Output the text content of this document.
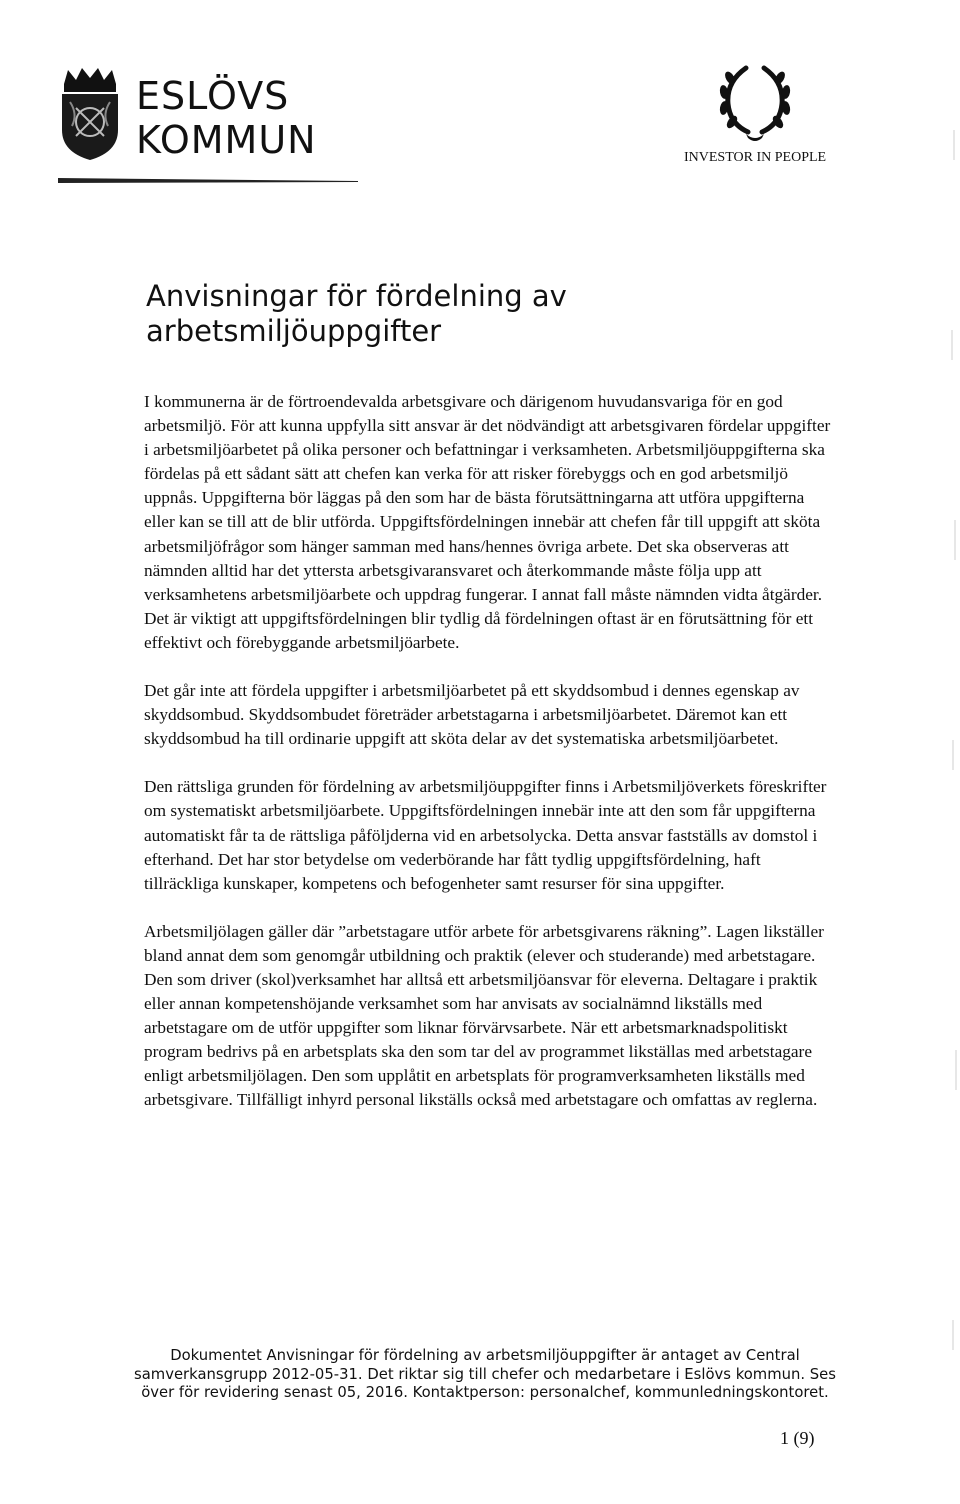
ESLÖVS
KOMMUN	INVESTOR IN PEOPLE
Anvisningar för fördelning av
arbetsmiljöuppgifter

I kommunerna är de förtroendevalda arbetsgivare och därigenom huvudansvariga för en god arbetsmiljö. För att kunna uppfylla sitt ansvar är det nödvändigt att arbetsgivaren fördelar uppgifter i arbetsmiljöarbetet på olika personer och befattningar i verksamheten. Arbetsmiljöuppgifterna ska fördelas på ett sådant sätt att chefen kan verka för att risker förebyggs och en god arbetsmiljö uppnås. Uppgifterna bör läggas på den som har de bästa förutsättningarna att utföra uppgifterna eller kan se till att de blir utförda. Uppgiftsfördelningen innebär att chefen får till uppgift att sköta arbetsmiljöfrågor som hänger samman med hans/hennes övriga arbete. Det ska observeras att nämnden alltid har det yttersta arbetsgivaransvaret och återkommande måste följa upp att verksamhetens arbetsmiljöarbete och uppdrag fungerar. I annat fall måste nämnden vidta åtgärder. Det är viktigt att uppgiftsfördelningen blir tydlig då fördelningen oftast är en förutsättning för ett effektivt och förebyggande arbetsmiljöarbete.

Det går inte att fördela uppgifter i arbetsmiljöarbetet på ett skyddsombud i dennes egenskap av skyddsombud. Skyddsombudet företräder arbetstagarna i arbetsmiljöarbetet. Däremot kan ett skyddsombud ha till ordinarie uppgift att sköta delar av det systematiska arbetsmiljöarbetet.

Den rättsliga grunden för fördelning av arbetsmiljöuppgifter finns i Arbetsmiljöverkets föreskrifter om systematiskt arbetsmiljöarbete. Uppgiftsfördelningen innebär inte att den som får uppgifterna automatiskt får ta de rättsliga påföljderna vid en arbetsolycka. Detta ansvar fastställs av domstol i efterhand. Det har stor betydelse om vederbörande har fått tydlig uppgiftsfördelning, haft tillräckliga kunskaper, kompetens och befogenheter samt resurser för sina uppgifter.

Arbetsmiljölagen gäller där ”arbetstagare utför arbete för arbetsgivarens räkning”. Lagen likställer bland annat dem som genomgår utbildning och praktik (elever och studerande) med arbetstagare. Den som driver (skol)verksamhet har alltså ett arbetsmiljöansvar för eleverna. Deltagare i praktik eller annan kompetenshöjande verksamhet som har anvisats av socialnämnd likställs med arbetstagare om de utför uppgifter som liknar förvärvsarbete. När ett arbetsmarknadspolitiskt program bedrivs på en arbetsplats ska den som tar del av programmet likställas med arbetstagare enligt arbetsmiljölagen. Den som upplåtit en arbetsplats för programverksamheten likställs med arbetsgivare. Tillfälligt inhyrd personal likställs också med arbetstagare och omfattas av reglerna.

Dokumentet Anvisningar för fördelning av arbetsmiljöuppgifter är antaget av Central samverkansgrupp 2012-05-31. Det riktar sig till chefer och medarbetare i Eslövs kommun. Ses över för revidering senast 05, 2016. Kontaktperson: personalchef, kommunledningskontoret.
1 (9)
